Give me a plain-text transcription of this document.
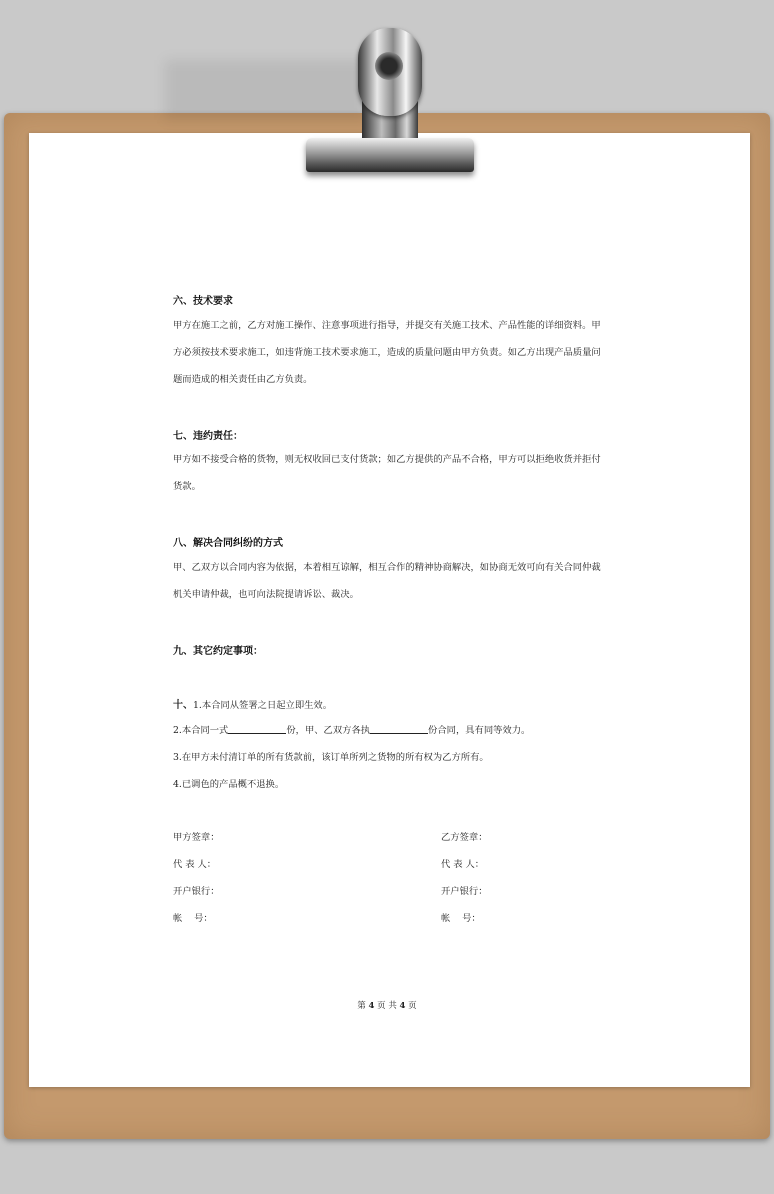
六、技术要求
甲方在施工之前，乙方对施工操作、注意事项进行指导，并提交有关施工技术、产品性能的详细资料。甲方必须按技术要求施工，如违背施工技术要求施工，造成的质量问题由甲方负责。如乙方出现产品质量问题而造成的相关责任由乙方负责。
七、违约责任：
甲方如不接受合格的货物，则无权收回已支付货款；如乙方提供的产品不合格，甲方可以拒绝收货并拒付货款。
八、解决合同纠纷的方式
甲、乙双方以合同内容为依据，本着相互谅解，相互合作的精神协商解决，如协商无效可向有关合同仲裁机关申请仲裁，也可向法院提请诉讼、裁决。
九、其它约定事项：
十、1.本合同从签署之日起立即生效。
2.本合同一式	份，甲、乙双方各执	份合同，具有同等效力。
3.在甲方未付清订单的所有货款前，该订单所列之货物的所有权为乙方所有。
4.已调色的产品概不退换。
甲方签章：
代 表 人：
开户银行：
帐    号：
乙方签章：
代 表 人：
开户银行：
帐    号：
第 4 页 共 4 页
